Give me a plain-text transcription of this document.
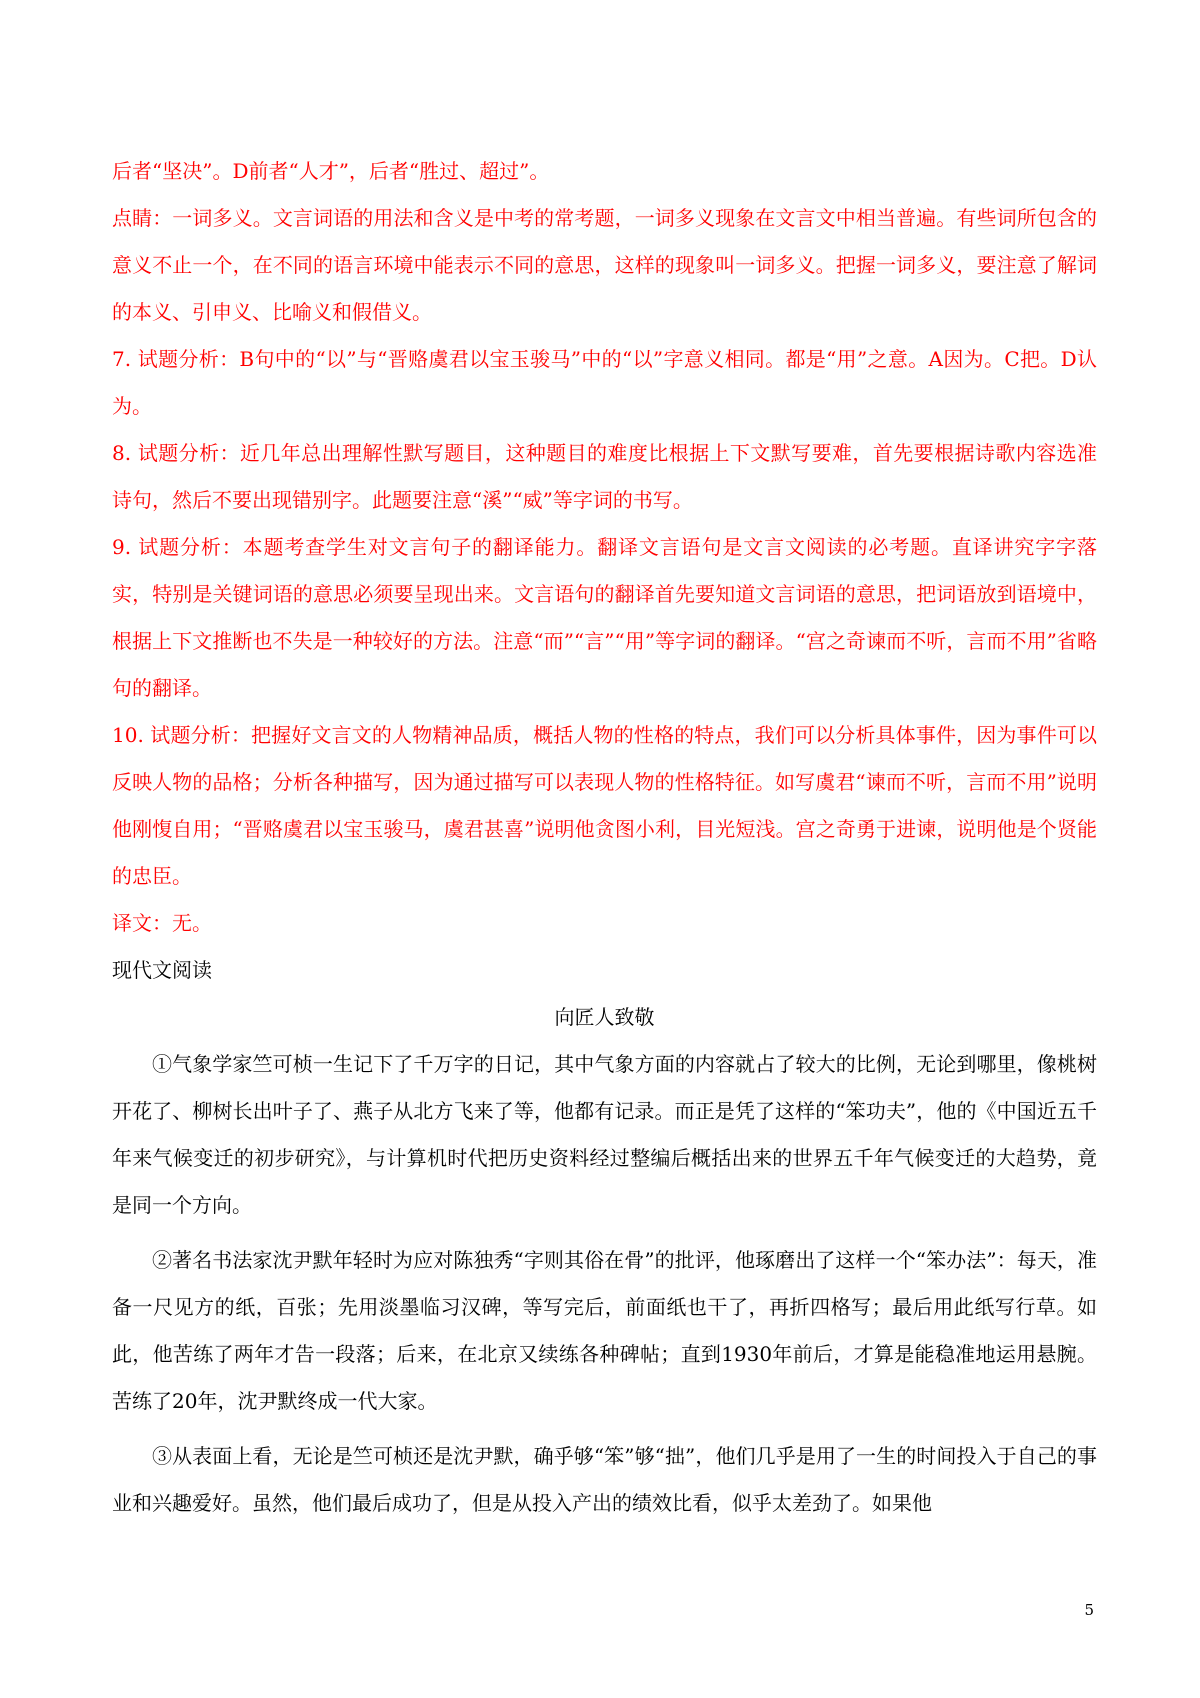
后者“坚决”。D前者“人才”，后者“胜过、超过”。

点睛：一词多义。文言词语的用法和含义是中考的常考题，一词多义现象在文言文中相当普遍。有些词所包含的意义不止一个，在不同的语言环境中能表示不同的意思，这样的现象叫一词多义。把握一词多义，要注意了解词的本义、引申义、比喻义和假借义。

7. 试题分析：B句中的“以”与“晋赂虞君以宝玉骏马”中的“以”字意义相同。都是“用”之意。A因为。C把。D认为。

8. 试题分析：近几年总出理解性默写题目，这种题目的难度比根据上下文默写要难，首先要根据诗歌内容选准诗句，然后不要出现错别字。此题要注意“溪”“威”等字词的书写。

9. 试题分析：本题考查学生对文言句子的翻译能力。翻译文言语句是文言文阅读的必考题。直译讲究字字落实，特别是关键词语的意思必须要呈现出来。文言语句的翻译首先要知道文言词语的意思，把词语放到语境中，根据上下文推断也不失是一种较好的方法。注意“而”“言”“用”等字词的翻译。“宫之奇谏而不听，言而不用”省略句的翻译。

10. 试题分析：把握好文言文的人物精神品质，概括人物的性格的特点，我们可以分析具体事件，因为事件可以反映人物的品格；分析各种描写，因为通过描写可以表现人物的性格特征。如写虞君“谏而不听，言而不用”说明他刚愎自用；“晋赂虞君以宝玉骏马，虞君甚喜”说明他贪图小利，目光短浅。宫之奇勇于进谏，说明他是个贤能的忠臣。

译文：无。

现代文阅读
向匠人致敬

①气象学家竺可桢一生记下了千万字的日记，其中气象方面的内容就占了较大的比例，无论到哪里，像桃树开花了、柳树长出叶子了、燕子从北方飞来了等，他都有记录。而正是凭了这样的“笨功夫”，他的《中国近五千年来气候变迁的初步研究》，与计算机时代把历史资料经过整编后概括出来的世界五千年气候变迁的大趋势，竟是同一个方向。

②著名书法家沈尹默年轻时为应对陈独秀“字则其俗在骨”的批评，他琢磨出了这样一个“笨办法”：每天，准备一尺见方的纸，百张；先用淡墨临习汉碑，等写完后，前面纸也干了，再折四格写；最后用此纸写行草。如此，他苦练了两年才告一段落；后来，在北京又续练各种碑帖；直到1930年前后，才算是能稳准地运用悬腕。苦练了20年，沈尹默终成一代大家。

③从表面上看，无论是竺可桢还是沈尹默，确乎够“笨”够“拙”，他们几乎是用了一生的时间投入于自己的事业和兴趣爱好。虽然，他们最后成功了，但是从投入产出的绩效比看，似乎太差劲了。如果他

5
